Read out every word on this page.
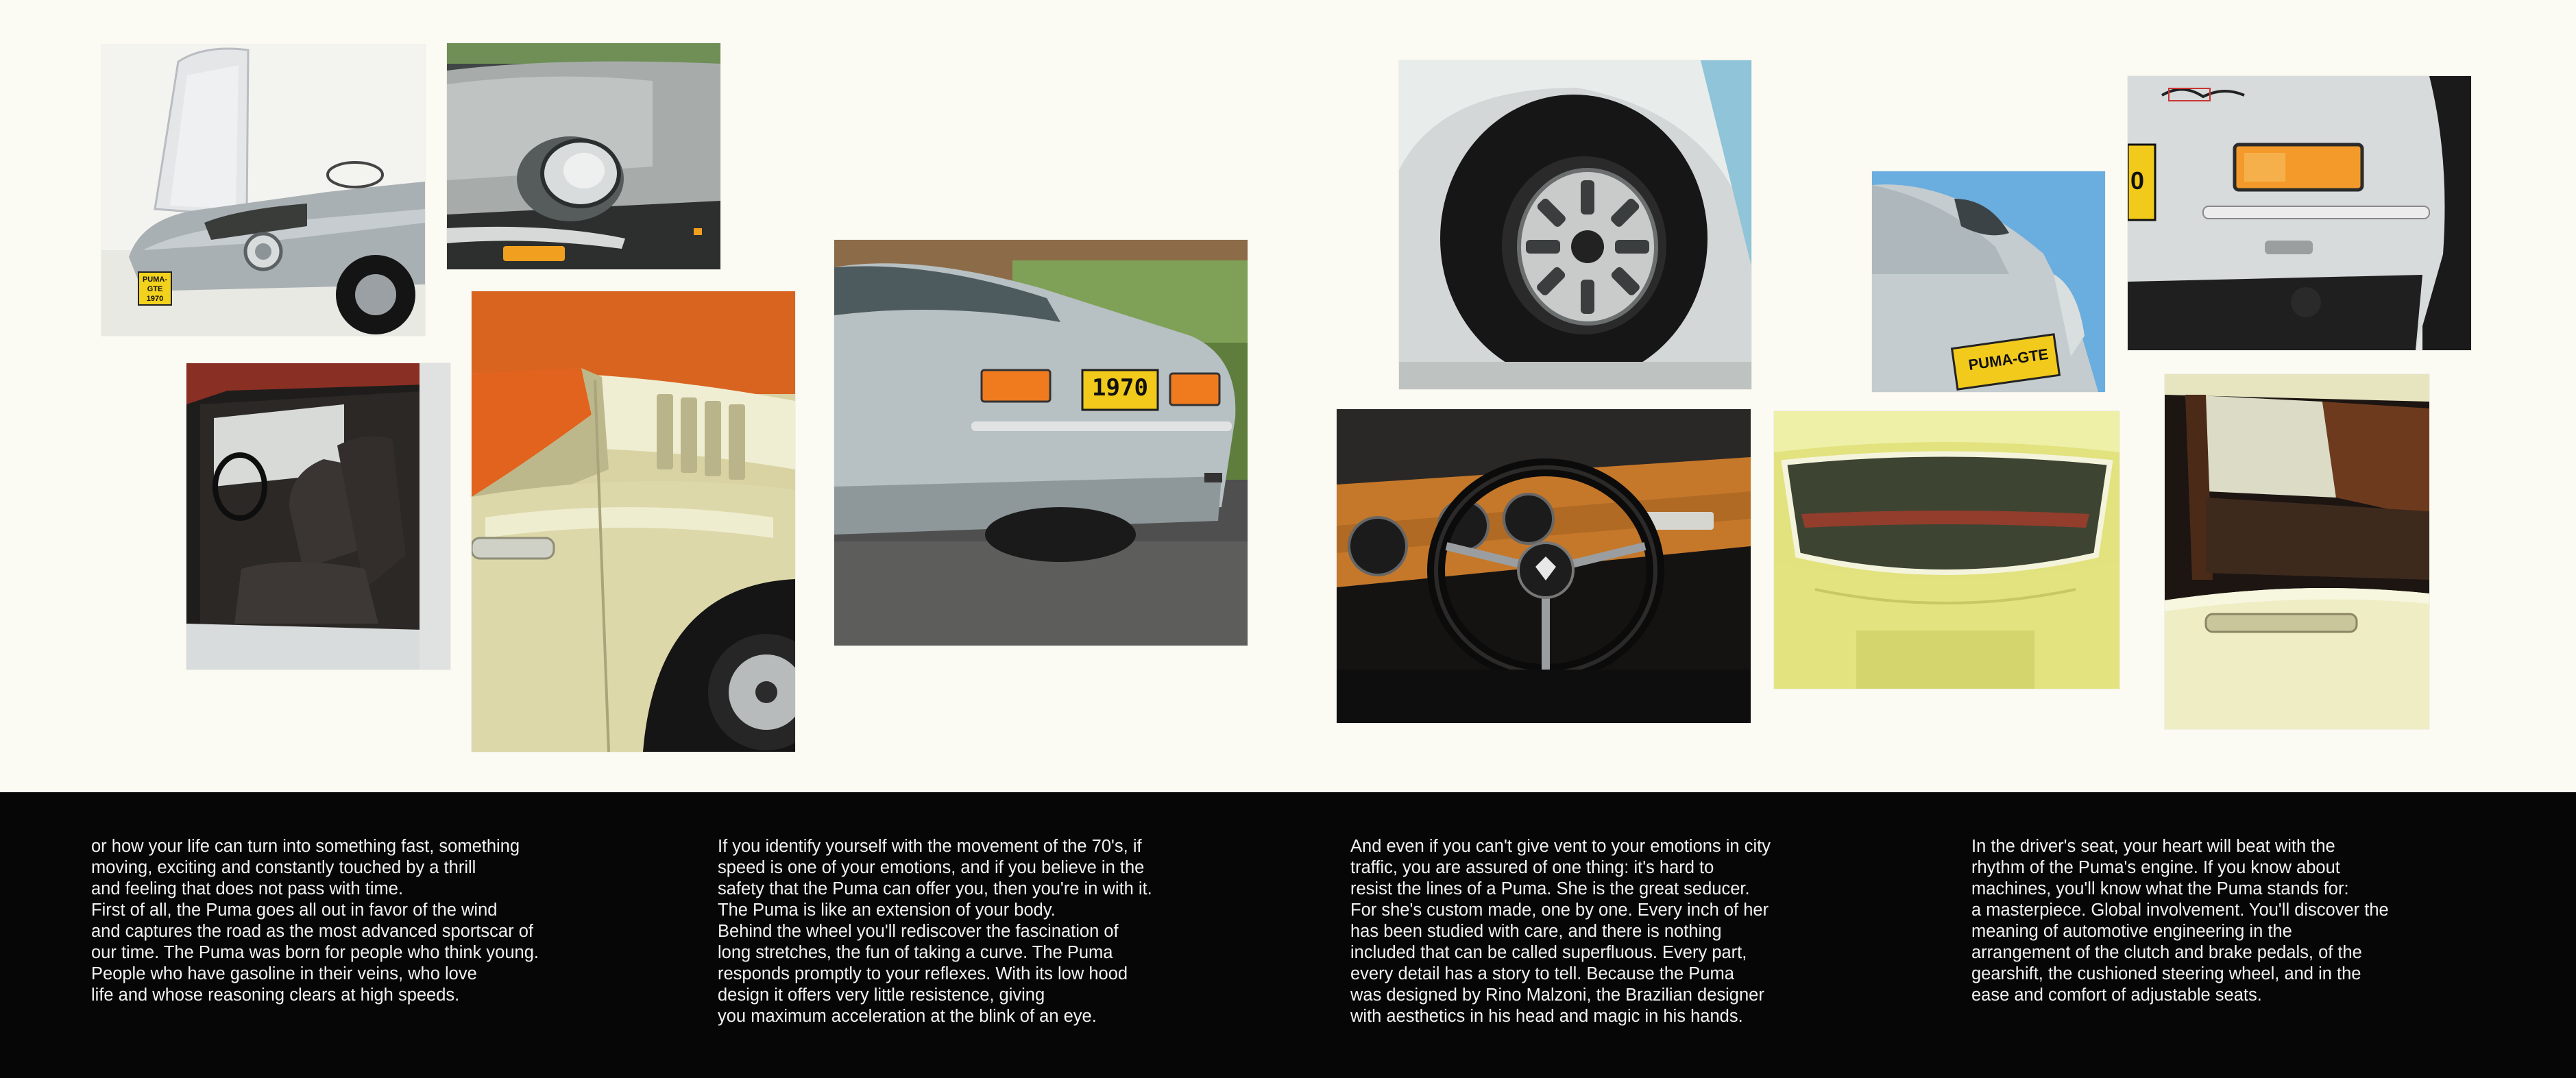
PUMA-GTE 1970
1970
PUMA-GTE
0
or how your life can turn into something fast, something
moving, exciting and constantly touched by a thrill
and feeling that does not pass with time.
First of all, the Puma goes all out in favor of the wind
and captures the road as the most advanced sportscar of
our time. The Puma was born for people who think young.
People who have gasoline in their veins, who love
life and whose reasoning clears at high speeds.
If you identify yourself with the movement of the 70's, if
speed is one of your emotions, and if you believe in the
safety that the Puma can offer you, then you're in with it.
The Puma is like an extension of your body.
Behind the wheel you'll rediscover the fascination of
long stretches, the fun of taking a curve. The Puma
responds promptly to your reflexes. With its low hood
design it offers very little resistence, giving
you maximum acceleration at the blink of an eye.
And even if you can't give vent to your emotions in city
traffic, you are assured of one thing: it's hard to
resist the lines of a Puma. She is the great seducer.
For she's custom made, one by one. Every inch of her
has been studied with care, and there is nothing
included that can be called superfluous. Every part,
every detail has a story to tell. Because the Puma
was designed by Rino Malzoni, the Brazilian designer
with aesthetics in his head and magic in his hands.
In the driver's seat, your heart will beat with the
rhythm of the Puma's engine. If you know about
machines, you'll know what the Puma stands for:
a masterpiece. Global involvement. You'll discover the
meaning of automotive engineering in the
arrangement of the clutch and brake pedals, of the
gearshift, the cushioned steering wheel, and in the
ease and comfort of adjustable seats.
